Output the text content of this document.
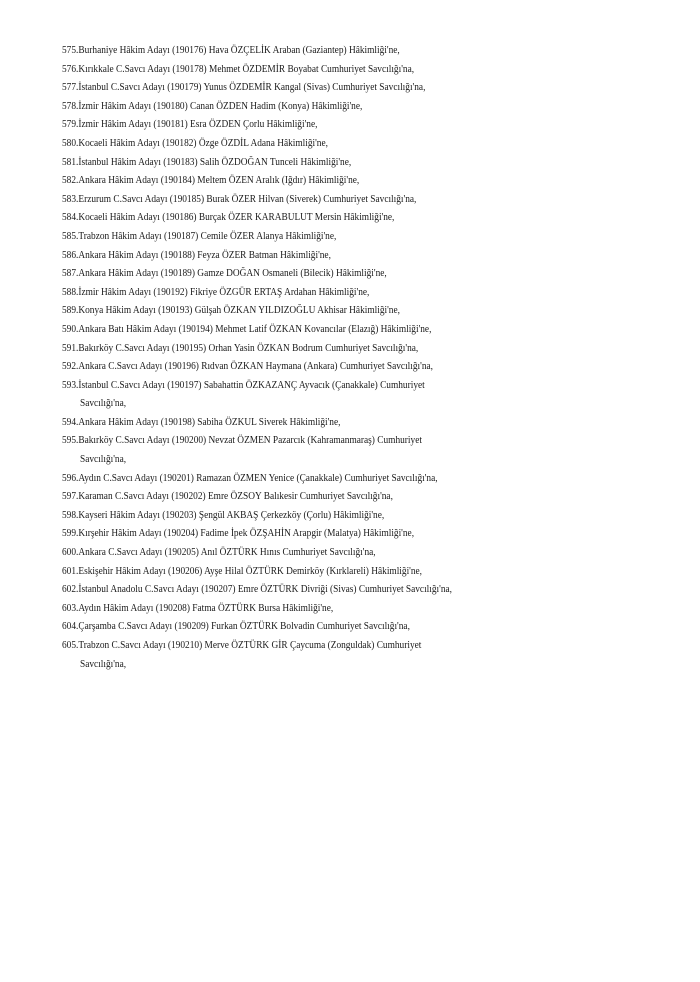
575.Burhaniye Hâkim Adayı (190176) Hava ÖZÇELİK Araban (Gaziantep) Hâkimliği'ne,
576.Kırıkkale C.Savcı Adayı (190178) Mehmet ÖZDEMİR Boyabat Cumhuriyet Savcılığı'na,
577.İstanbul C.Savcı Adayı (190179) Yunus ÖZDEMİR Kangal (Sivas) Cumhuriyet Savcılığı'na,
578.İzmir Hâkim Adayı (190180) Canan ÖZDEN Hadim (Konya) Hâkimliği'ne,
579.İzmir Hâkim Adayı (190181) Esra ÖZDEN Çorlu Hâkimliği'ne,
580.Kocaeli Hâkim Adayı (190182) Özge ÖZDİL Adana Hâkimliği'ne,
581.İstanbul Hâkim Adayı (190183) Salih ÖZDOĞAN Tunceli Hâkimliği'ne,
582.Ankara Hâkim Adayı (190184) Meltem ÖZEN Aralık (Iğdır) Hâkimliği'ne,
583.Erzurum C.Savcı Adayı (190185) Burak ÖZER Hilvan (Siverek) Cumhuriyet Savcılığı'na,
584.Kocaeli Hâkim Adayı (190186) Burçak ÖZER KARABULUT Mersin Hâkimliği'ne,
585.Trabzon Hâkim Adayı (190187) Cemile ÖZER Alanya Hâkimliği'ne,
586.Ankara Hâkim Adayı (190188) Feyza ÖZER Batman Hâkimliği'ne,
587.Ankara Hâkim Adayı (190189) Gamze DOĞAN Osmaneli (Bilecik) Hâkimliği'ne,
588.İzmir Hâkim Adayı (190192) Fikriye ÖZGÜR ERTAŞ Ardahan Hâkimliği'ne,
589.Konya Hâkim Adayı (190193) Gülşah ÖZKAN YILDIZOĞLU Akhisar Hâkimliği'ne,
590.Ankara Batı Hâkim Adayı (190194) Mehmet Latif ÖZKAN Kovancılar (Elazığ) Hâkimliği'ne,
591.Bakırköy C.Savcı Adayı (190195) Orhan Yasin ÖZKAN Bodrum Cumhuriyet Savcılığı'na,
592.Ankara C.Savcı Adayı (190196) Rıdvan ÖZKAN Haymana (Ankara) Cumhuriyet Savcılığı'na,
593.İstanbul C.Savcı Adayı (190197) Sabahattin ÖZKAZANÇ Ayvacık (Çanakkale) Cumhuriyet
Savcılığı'na,
594.Ankara Hâkim Adayı (190198) Sabiha ÖZKUL Siverek Hâkimliği'ne,
595.Bakırköy C.Savcı Adayı (190200) Nevzat ÖZMEN Pazarcık (Kahramanmaraş) Cumhuriyet
Savcılığı'na,
596.Aydın C.Savcı Adayı (190201) Ramazan ÖZMEN Yenice (Çanakkale) Cumhuriyet Savcılığı'na,
597.Karaman C.Savcı Adayı (190202) Emre ÖZSOY Balıkesir Cumhuriyet Savcılığı'na,
598.Kayseri Hâkim Adayı (190203) Şengül AKBAŞ Çerkezköy (Çorlu) Hâkimliği'ne,
599.Kırşehir Hâkim Adayı (190204) Fadime İpek ÖZŞAHİN Arapgir (Malatya) Hâkimliği'ne,
600.Ankara C.Savcı Adayı (190205) Anıl ÖZTÜRK Hınıs Cumhuriyet Savcılığı'na,
601.Eskişehir Hâkim Adayı (190206) Ayşe Hilal ÖZTÜRK Demirköy (Kırklareli) Hâkimliği'ne,
602.İstanbul Anadolu C.Savcı Adayı (190207) Emre ÖZTÜRK Divriği (Sivas) Cumhuriyet Savcılığı'na,
603.Aydın Hâkim Adayı (190208) Fatma ÖZTÜRK Bursa Hâkimliği'ne,
604.Çarşamba C.Savcı Adayı (190209) Furkan ÖZTÜRK Bolvadin Cumhuriyet Savcılığı'na,
605.Trabzon C.Savcı Adayı (190210) Merve ÖZTÜRK GİR Çaycuma (Zonguldak) Cumhuriyet
Savcılığı'na,
